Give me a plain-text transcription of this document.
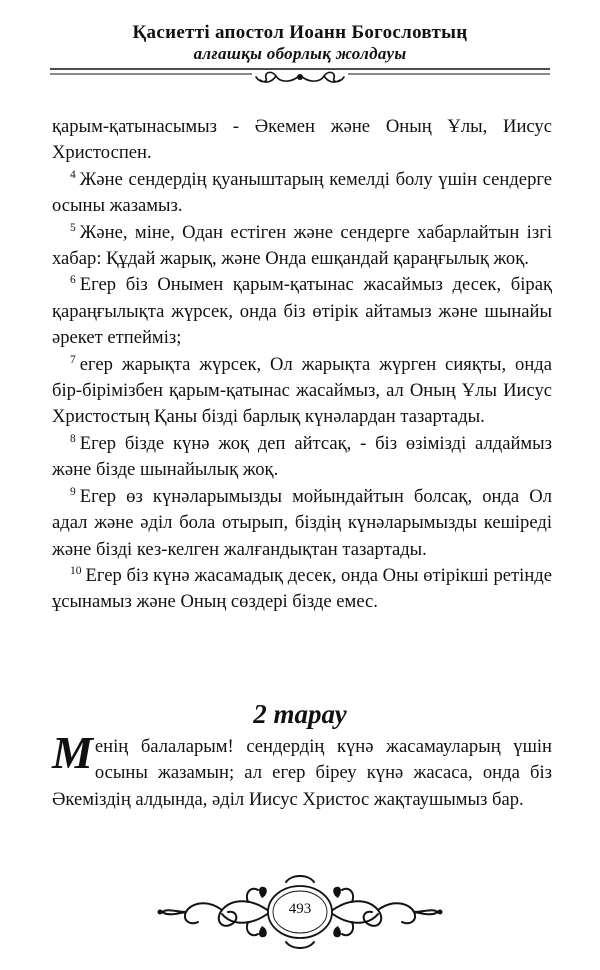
Қасиетті апостол Иоанн Богословтың
алғашқы оборлық жолдауы

қарым-қатынасымыз - Әкемен және Оның Ұлы, Иисус Христоспен.

$^4$ Және сендердің қуаныштарың кемелді болу үшін сендерге осыны жазамыз.

$^5$ Және, міне, Одан естіген және сендерге хабарлайтын ізгі хабар: Құдай жарық, және Онда ешқандай қараңғылық жоқ.

$^6$ Егер біз Онымен қарым-қатынас жасаймыз десек, бірақ қараңғылықта жүрсек, онда біз өтірік айтамыз және шынайы әрекет етпейміз;

$^7$ егер жарықта жүрсек, Ол жарықта жүрген сияқты, онда бір-бірімізбен қарым-қатынас жасаймыз, ал Оның Ұлы Иисус Христостың Қаны бізді барлық күнәлардан тазартады.

$^8$ Егер бізде күнә жоқ деп айтсақ, - біз өзімізді алдаймыз және бізде шынайылық жоқ.

$^9$ Егер өз күнәларымызды мойындайтын болсақ, онда Ол адал және әділ бола отырып, біздің күнәларымызды кешіреді және бізді кез-келген жалғандықтан тазартады.

$^{10}$ Егер біз күнә жасамадық десек, онда Оны өтірікші ретінде ұсынамыз және Оның сөздері бізде емес.

2 тарау

Менің балаларым! сендердің күнә жасамауларың үшін осыны жазамын; ал егер біреу күнә жасаса, онда біз Әкеміздің алдында, әділ Иисус Христос жақтаушымыз бар.

493
